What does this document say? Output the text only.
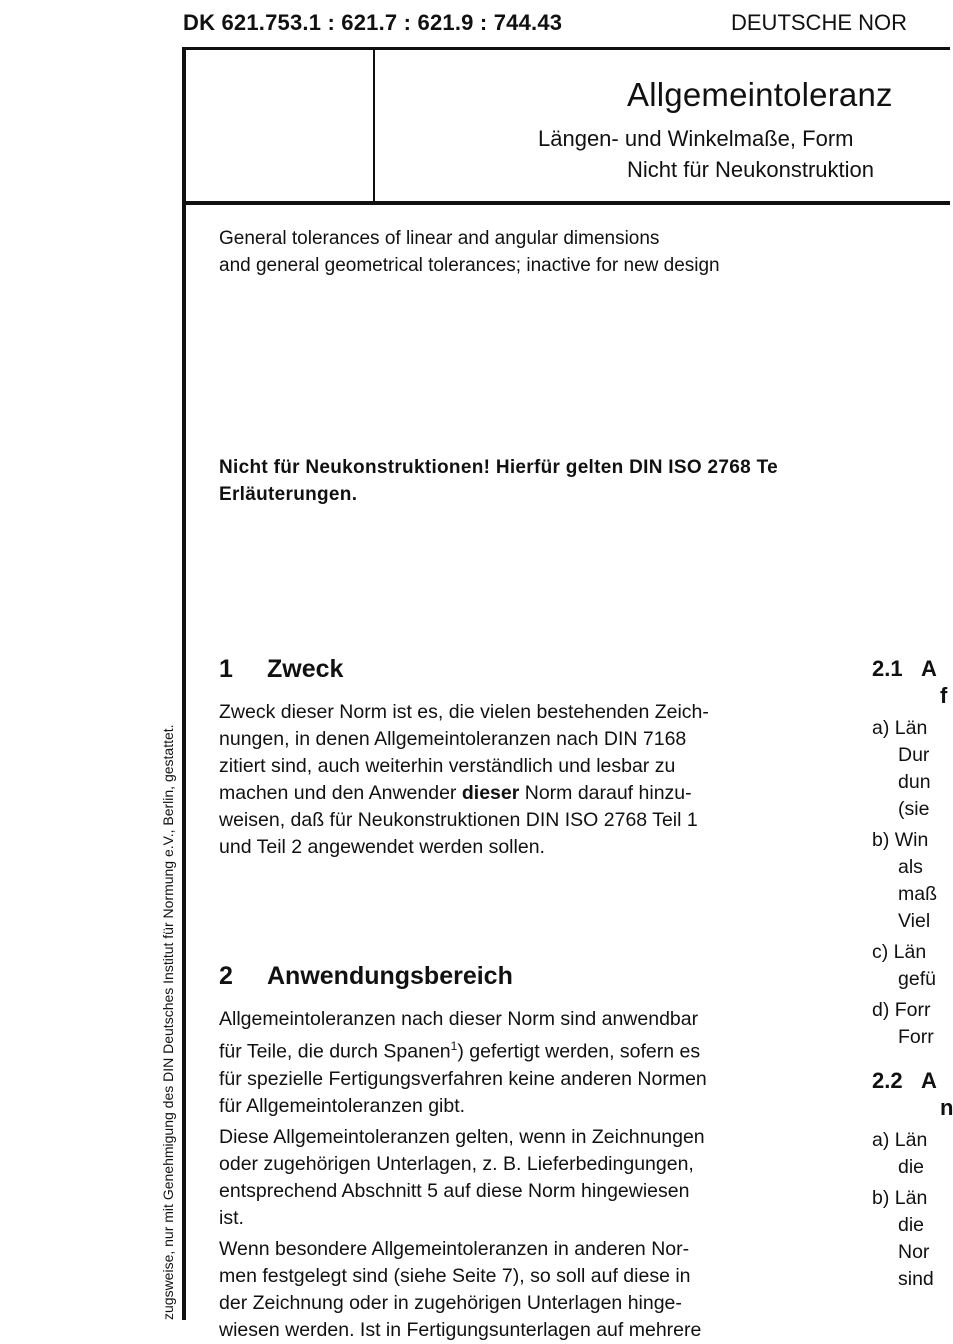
DK 621.753.1 : 621.7 : 621.9 : 744.43	DEUTSCHE NOR
Allgemeintoleranz
Längen- und Winkelmaße, Form
Nicht für Neukonstruktion
General tolerances of linear and angular dimensions
and general geometrical tolerances; inactive for new design
Nicht für Neukonstruktionen! Hierfür gelten DIN ISO 2768 Te
Erläuterungen.
zugsweise, nur mit Genehmigung des DIN Deutsches Institut für Normung e.V., Berlin, gestattet.
1 Zweck
Zweck dieser Norm ist es, die vielen bestehenden Zeich-
nungen, in denen Allgemeintoleranzen nach DIN 7168
zitiert sind, auch weiterhin verständlich und lesbar zu
machen und den Anwender dieser Norm darauf hinzu-
weisen, daß für Neukonstruktionen DIN ISO 2768 Teil 1
und Teil 2 angewendet werden sollen.
2 Anwendungsbereich
Allgemeintoleranzen nach dieser Norm sind anwendbar
für Teile, die durch Spanen$^1$) gefertigt werden, sofern es
für spezielle Fertigungsverfahren keine anderen Normen
für Allgemeintoleranzen gibt.
Diese Allgemeintoleranzen gelten, wenn in Zeichnungen
oder zugehörigen Unterlagen, z. B. Lieferbedingungen,
entsprechend Abschnitt 5 auf diese Norm hingewiesen
ist.
Wenn besondere Allgemeintoleranzen in anderen Nor-
men festgelegt sind (siehe Seite 7), so soll auf diese in
der Zeichnung oder in zugehörigen Unterlagen hinge-
wiesen werden. Ist in Fertigungsunterlagen auf mehrere
2.1 A
f
a) Län
Dur
dun
(sie
b) Win
als
maß
Viel
c) Län
gefü
d) Forr
Forr
2.2 A
n
a) Län
die
b) Län
die
Nor
sind
